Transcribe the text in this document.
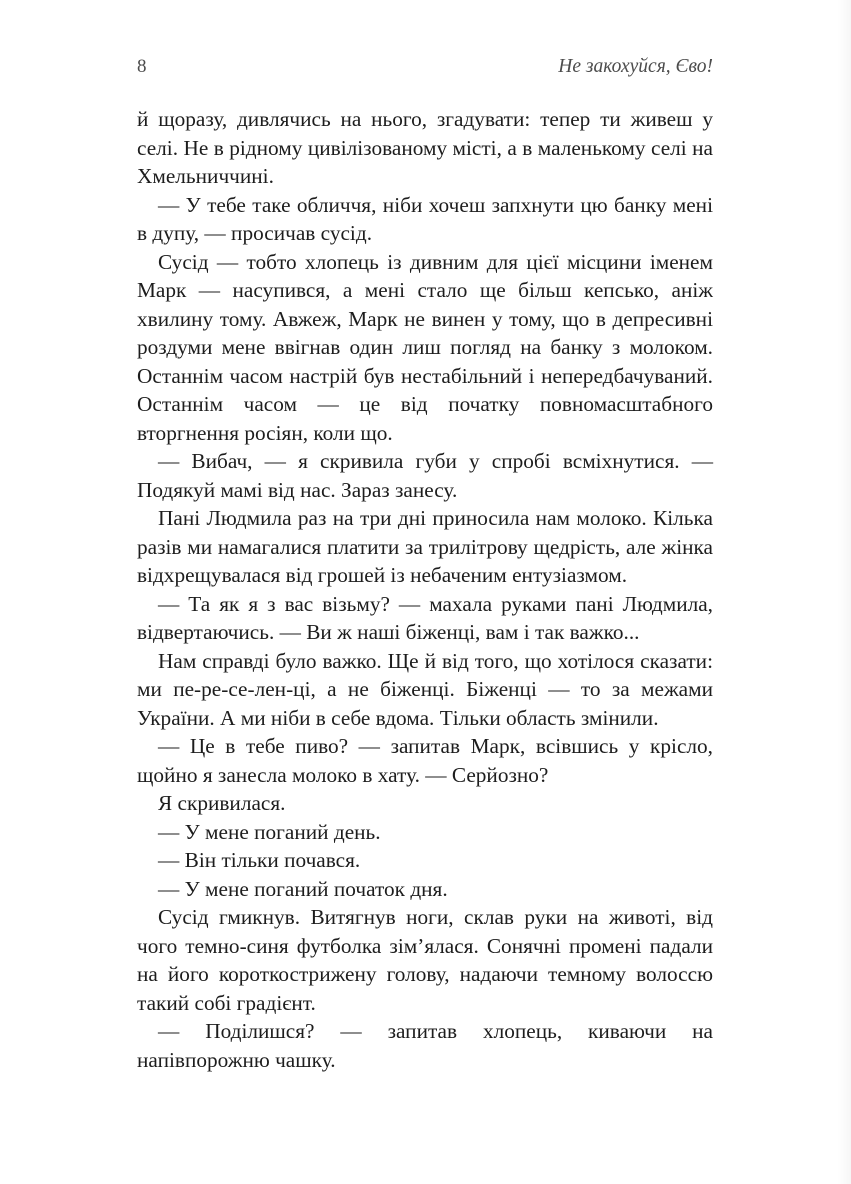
8	Не закохуйся, Єво!

й щоразу, дивлячись на нього, згадувати: тепер ти живеш у селі. Не в рідному цивілізованому місті, а в маленькому селі на Хмельниччині.

— У тебе таке обличчя, ніби хочеш запхнути цю банку мені в дупу, — просичав сусід.

Сусід — тобто хлопець із дивним для цієї місцини іменем Марк — насупився, а мені стало ще більш кепсько, аніж хвилину тому. Авжеж, Марк не винен у тому, що в депресивні роздуми мене ввігнав один лиш погляд на банку з молоком. Останнім часом настрій був нестабільний і непередбачуваний. Останнім часом — це від початку повномасштабного вторгнення росіян, коли що.

— Вибач, — я скривила губи у спробі всміхнутися. — Подякуй мамі від нас. Зараз занесу.

Пані Людмила раз на три дні приносила нам молоко. Кілька разів ми намагалися платити за трилітрову щедрість, але жінка відхрещувалася від грошей із небаченим ентузіазмом.

— Та як я з вас візьму? — махала руками пані Людмила, відвертаючись. — Ви ж наші біженці, вам і так важко...

Нам справді було важко. Ще й від того, що хотілося сказати: ми пе-ре-се-лен-ці, а не біженці. Біженці — то за межами України. А ми ніби в себе вдома. Тільки область змінили.

— Це в тебе пиво? — запитав Марк, всівшись у крісло, щойно я занесла молоко в хату. — Серйозно?

Я скривилася.

— У мене поганий день.

— Він тільки почався.

— У мене поганий початок дня.

Сусід гмикнув. Витягнув ноги, склав руки на животі, від чого темно-синя футболка зім’ялася. Сонячні промені падали на його короткострижену голову, надаючи темному волоссю такий собі градієнт.

— Поділишся? — запитав хлопець, киваючи на напівпорожню чашку.
